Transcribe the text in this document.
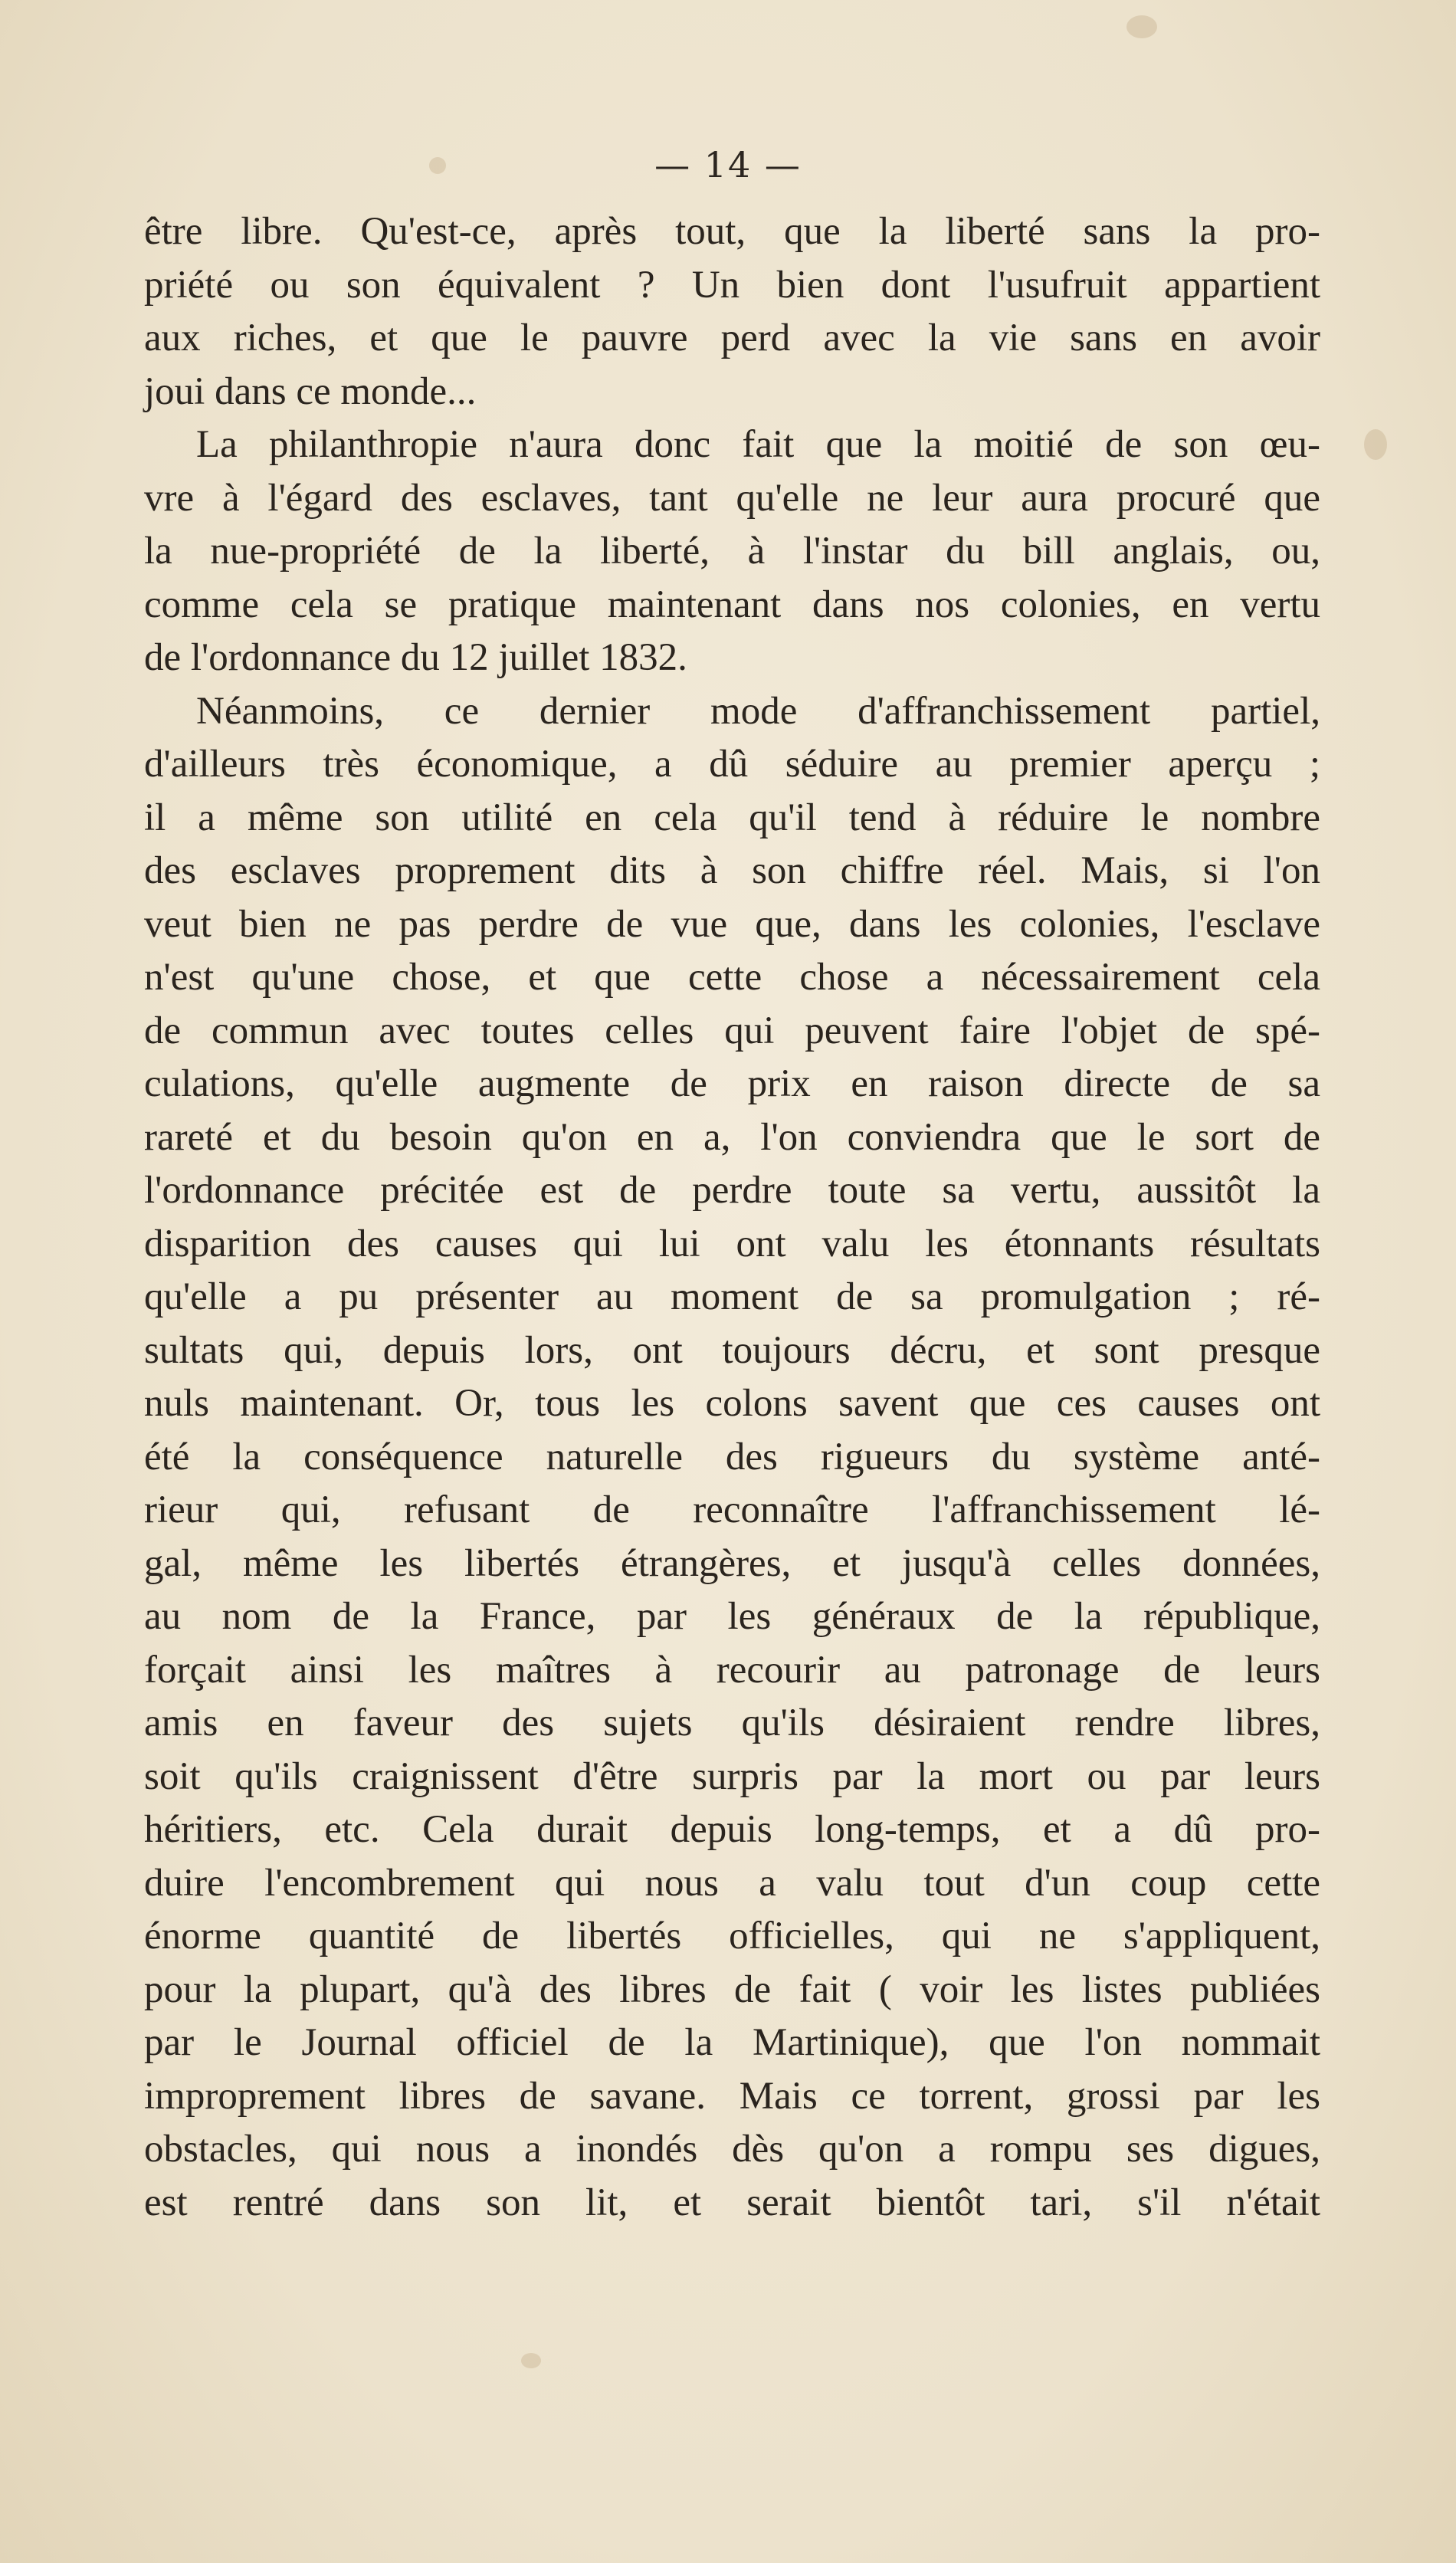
— 14 —
être libre. Qu'est-ce, après tout, que la liberté sans la pro-
priété ou son équivalent ? Un bien dont l'usufruit appartient
aux riches, et que le pauvre perd avec la vie sans en avoir
joui dans ce monde...
La philanthropie n'aura donc fait que la moitié de son œu-
vre à l'égard des esclaves, tant qu'elle ne leur aura procuré que
la nue-propriété de la liberté, à l'instar du bill anglais, ou,
comme cela se pratique maintenant dans nos colonies, en vertu
de l'ordonnance du 12 juillet 1832.
Néanmoins, ce dernier mode d'affranchissement partiel,
d'ailleurs très économique, a dû séduire au premier aperçu ;
il a même son utilité en cela qu'il tend à réduire le nombre
des esclaves proprement dits à son chiffre réel. Mais, si l'on
veut bien ne pas perdre de vue que, dans les colonies, l'esclave
n'est qu'une chose, et que cette chose a nécessairement cela
de commun avec toutes celles qui peuvent faire l'objet de spé-
culations, qu'elle augmente de prix en raison directe de sa
rareté et du besoin qu'on en a, l'on conviendra que le sort de
l'ordonnance précitée est de perdre toute sa vertu, aussitôt la
disparition des causes qui lui ont valu les étonnants résultats
qu'elle a pu présenter au moment de sa promulgation ; ré-
sultats qui, depuis lors, ont toujours décru, et sont presque
nuls maintenant. Or, tous les colons savent que ces causes ont
été la conséquence naturelle des rigueurs du système anté-
rieur qui, refusant de reconnaître l'affranchissement lé-
gal, même les libertés étrangères, et jusqu'à celles données,
au nom de la France, par les généraux de la république,
forçait ainsi les maîtres à recourir au patronage de leurs
amis en faveur des sujets qu'ils désiraient rendre libres,
soit qu'ils craignissent d'être surpris par la mort ou par leurs
héritiers, etc. Cela durait depuis long-temps, et a dû pro-
duire l'encombrement qui nous a valu tout d'un coup cette
énorme quantité de libertés officielles, qui ne s'appliquent,
pour la plupart, qu'à des libres de fait ( voir les listes publiées
par le Journal officiel de la Martinique), que l'on nommait
improprement libres de savane. Mais ce torrent, grossi par les
obstacles, qui nous a inondés dès qu'on a rompu ses digues,
est rentré dans son lit, et serait bientôt tari, s'il n'était
